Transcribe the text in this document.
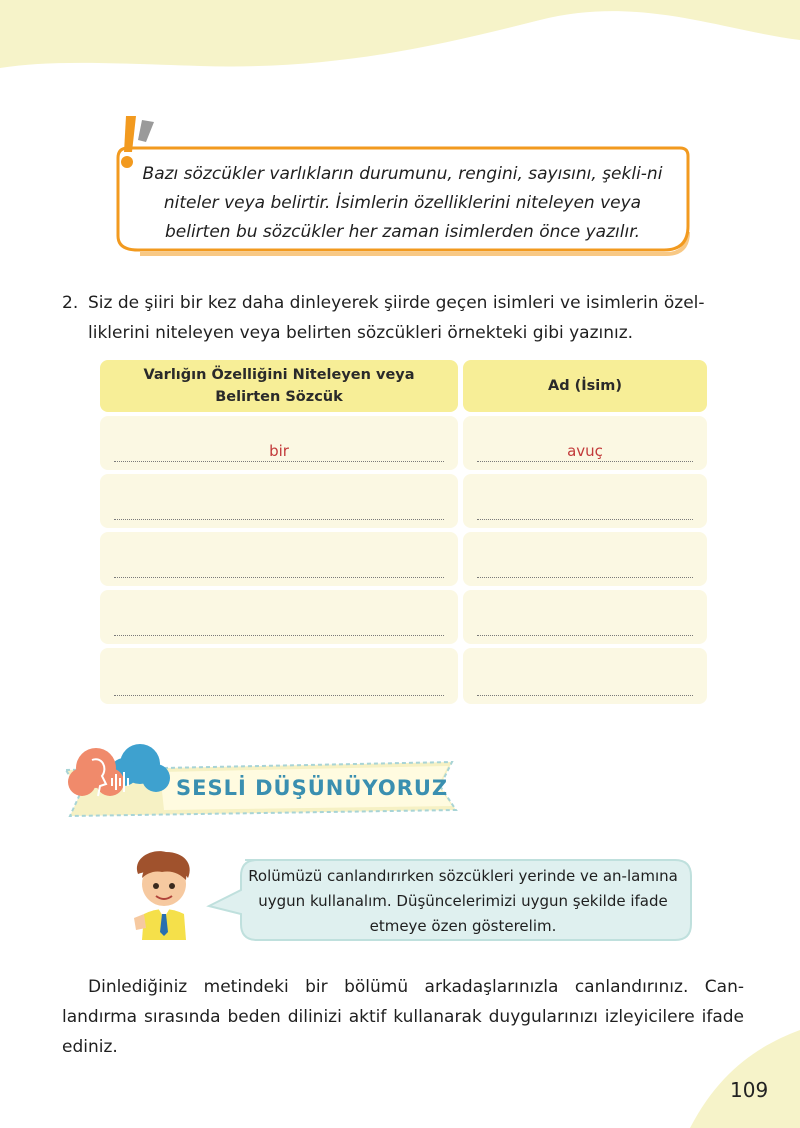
Bazı sözcükler varlıkların durumunu, rengini, sayısını, şekli-ni niteler veya belirtir. İsimlerin özelliklerini niteleyen veya belirten bu sözcükler her zaman isimlerden önce yazılır.
2. Siz de şiiri bir kez daha dinleyerek şiirde geçen isimleri ve isimlerin özel-liklerini niteleyen veya belirten sözcükleri örnekteki gibi yazınız.
Varlığın Özelliğini Niteleyen veya Belirten Sözcük
Ad (İsim)
bir	avuç
SESLİ DÜŞÜNÜYORUZ
Rolümüzü canlandırırken sözcükleri yerinde ve an-lamına uygun kullanalım. Düşüncelerimizi uygun şekilde ifade etmeye özen gösterelim.
Dinlediğiniz metindeki bir bölümü arkadaşlarınızla canlandırınız. Can-landırma sırasında beden dilinizi aktif kullanarak duygularınızı izleyicilere ifade ediniz.
109
